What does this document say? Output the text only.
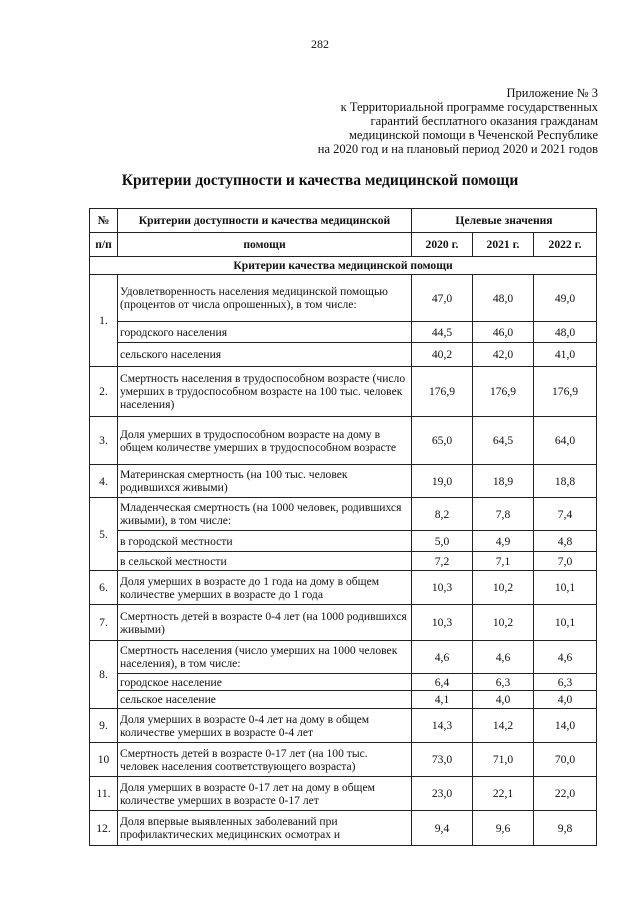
282
Приложение № 3
к Территориальной программе государственных
гарантий бесплатного оказания гражданам
медицинской помощи в Чеченской Республике
на 2020 год и на плановый период 2020 и 2021 годов
Критерии доступности и качества медицинской помощи
№	Критерии доступности и качества медицинской	Целевые значения		
п/п	помощи	2020 г.	2021 г.	2022 г.
Критерии качества медицинской помощи				
1.	Удовлетворенность населения медицинской помощью (процентов от числа опрошенных), в том числе:	47,0	48,0	49,0
	городского населения	44,5	46,0	48,0
	сельского населения	40,2	42,0	41,0
2.	Смертность населения в трудоспособном возрасте (число умерших в трудоспособном возрасте на 100 тыс. человек населения)	176,9	176,9	176,9
3.	Доля умерших в трудоспособном возрасте на дому в общем количестве умерших в трудоспособном возрасте	65,0	64,5	64,0
4.	Материнская смертность (на 100 тыс. человек родившихся живыми)	19,0	18,9	18,8
5.	Младенческая смертность (на 1000 человек, родившихся живыми), в том числе:	8,2	7,8	7,4
	в городской местности	5,0	4,9	4,8
	в сельской местности	7,2	7,1	7,0
6.	Доля умерших в возрасте до 1 года на дому в общем количестве умерших в возрасте до 1 года	10,3	10,2	10,1
7.	Смертность детей в возрасте 0-4 лет (на 1000 родившихся живыми)	10,3	10,2	10,1
8.	Смертность населения (число умерших на 1000 человек населения), в том числе:	4,6	4,6	4,6
	городское население	6,4	6,3	6,3
	сельское население	4,1	4,0	4,0
9.	Доля умерших в возрасте 0-4 лет на дому в общем количестве умерших в возрасте 0-4 лет	14,3	14,2	14,0
10	Смертность детей в возрасте 0-17 лет (на 100 тыс. человек населения соответствующего возраста)	73,0	71,0	70,0
11.	Доля умерших в возрасте 0-17 лет на дому в общем количестве умерших в возрасте 0-17 лет	23,0	22,1	22,0
12.	Доля впервые выявленных заболеваний при профилактических медицинских осмотрах и	9,4	9,6	9,8
